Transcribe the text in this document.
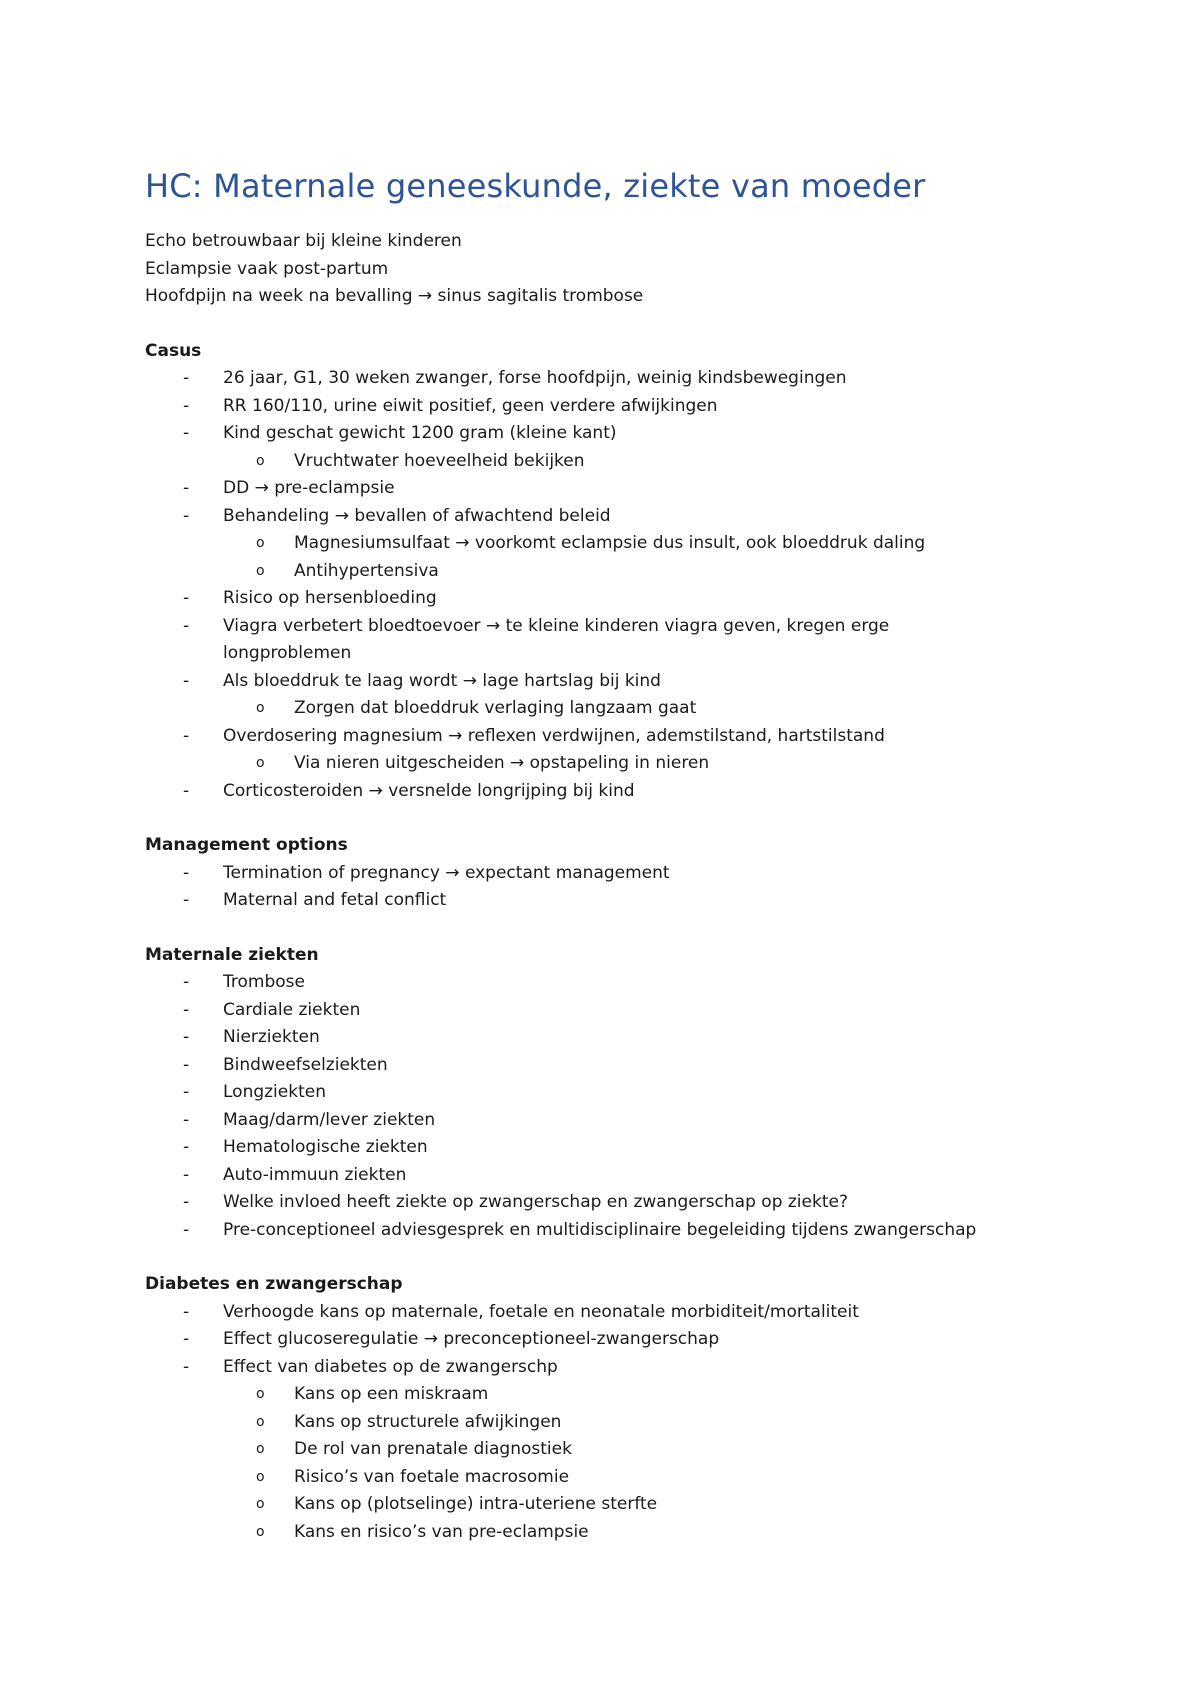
HC: Maternale geneeskunde, ziekte van moeder
Echo betrouwbaar bij kleine kinderen
Eclampsie vaak post-partum
Hoofdpijn na week na bevalling → sinus sagitalis trombose
Casus
-	26 jaar, G1, 30 weken zwanger, forse hoofdpijn, weinig kindsbewegingen
-	RR 160/110, urine eiwit positief, geen verdere afwijkingen
-	Kind geschat gewicht 1200 gram (kleine kant)
o	Vruchtwater hoeveelheid bekijken
-	DD → pre-eclampsie
-	Behandeling → bevallen of afwachtend beleid
o	Magnesiumsulfaat → voorkomt eclampsie dus insult, ook bloeddruk daling
o	Antihypertensiva
-	Risico op hersenbloeding
-	Viagra verbetert bloedtoevoer → te kleine kinderen viagra geven, kregen erge longproblemen
-	Als bloeddruk te laag wordt → lage hartslag bij kind
o	Zorgen dat bloeddruk verlaging langzaam gaat
-	Overdosering magnesium → reflexen verdwijnen, ademstilstand, hartstilstand
o	Via nieren uitgescheiden → opstapeling in nieren
-	Corticosteroiden → versnelde longrijping bij kind
Management options
-	Termination of pregnancy → expectant management
-	Maternal and fetal conflict
Maternale ziekten
-	Trombose
-	Cardiale ziekten
-	Nierziekten
-	Bindweefselziekten
-	Longziekten
-	Maag/darm/lever ziekten
-	Hematologische ziekten
-	Auto-immuun ziekten
-	Welke invloed heeft ziekte op zwangerschap en zwangerschap op ziekte?
-	Pre-conceptioneel adviesgesprek en multidisciplinaire begeleiding tijdens zwangerschap
Diabetes en zwangerschap
-	Verhoogde kans op maternale, foetale en neonatale morbiditeit/mortaliteit
-	Effect glucoseregulatie → preconceptioneel-zwangerschap
-	Effect van diabetes op de zwangerschp
o	Kans op een miskraam
o	Kans op structurele afwijkingen
o	De rol van prenatale diagnostiek
o	Risico’s van foetale macrosomie
o	Kans op (plotselinge) intra-uteriene sterfte
o	Kans en risico’s van pre-eclampsie
